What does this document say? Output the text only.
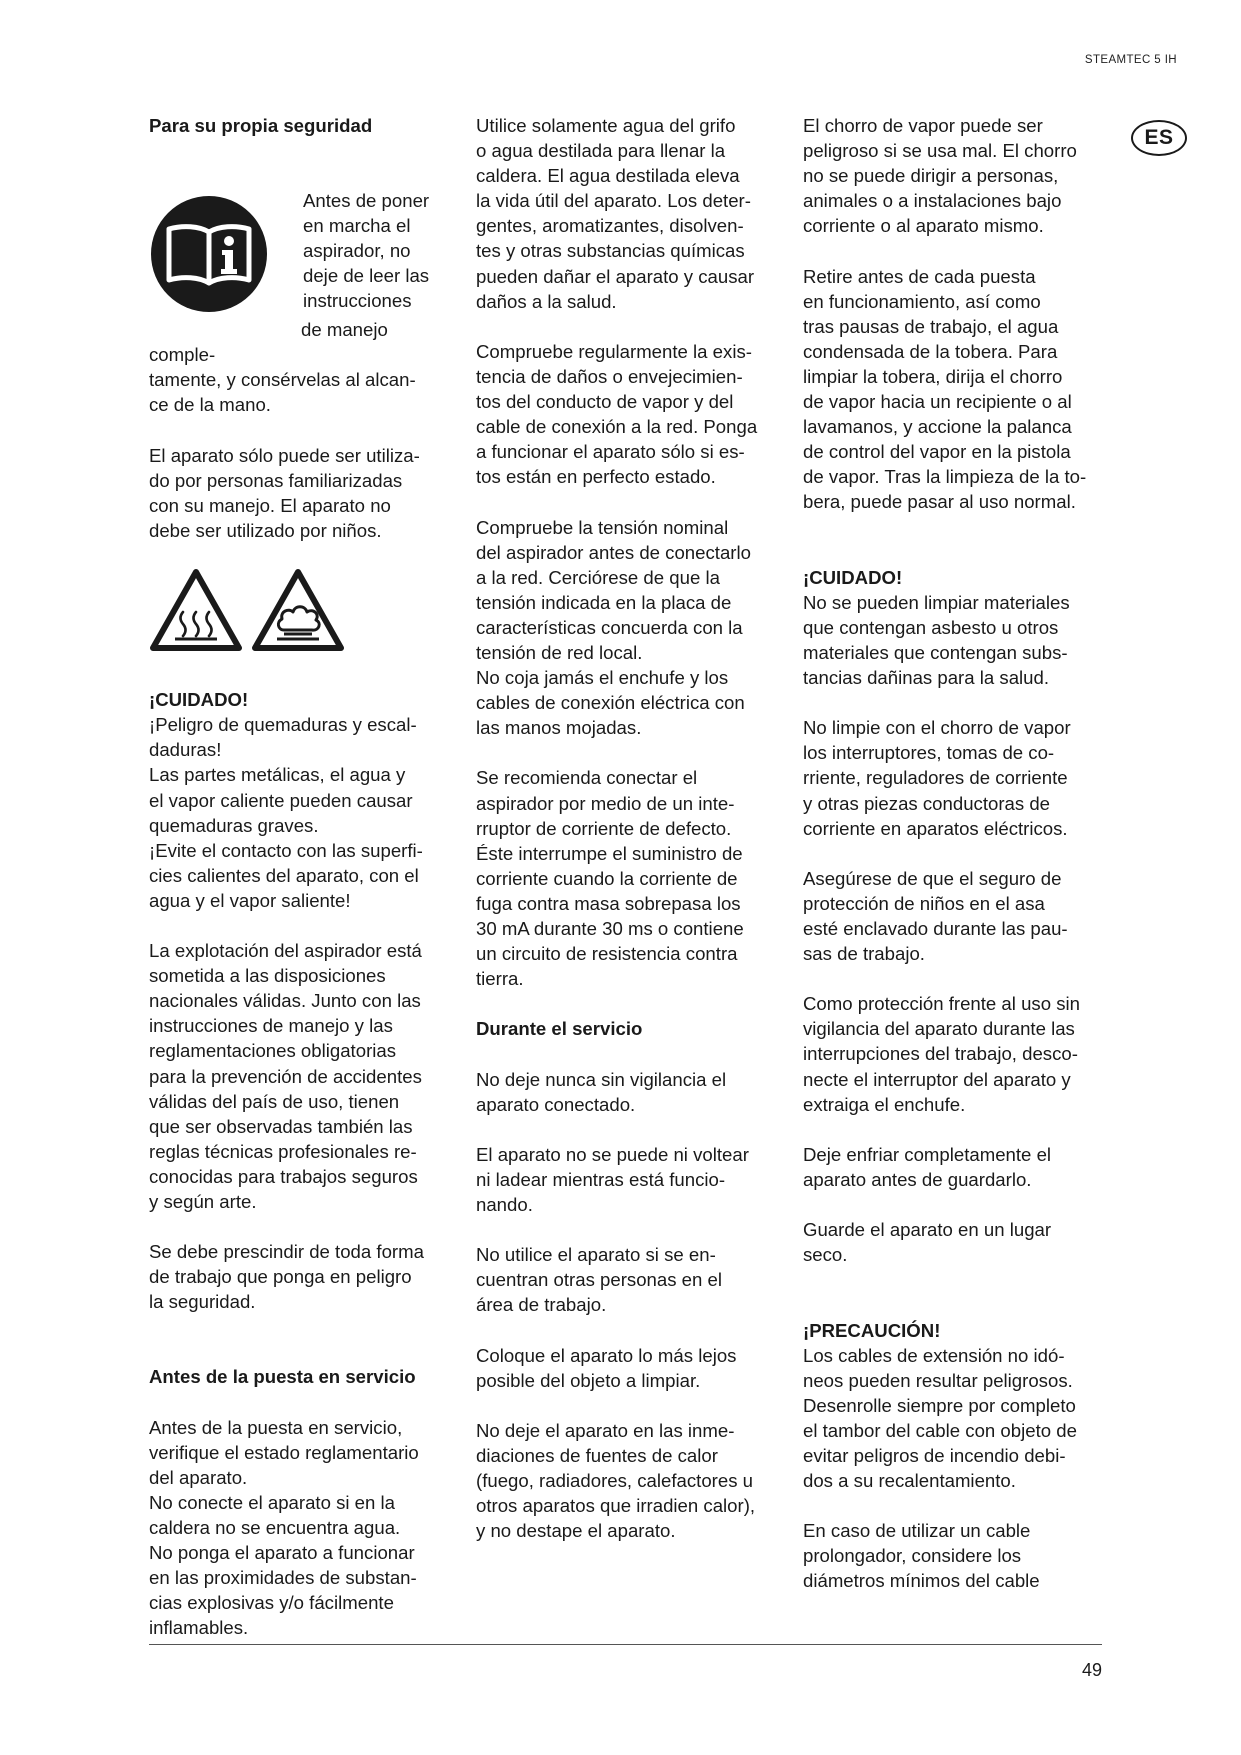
STEAMTEC 5 IH
ES
Para su propia seguridad

Antes de poner
en marcha el
aspirador, no
deje de leer las
instrucciones

de manejo comple-
tamente, y consérvelas al alcan-
ce de la mano.

El aparato sólo puede ser utiliza-
do por personas familiarizadas
con su manejo. El aparato no
debe ser utilizado por niños.

¡CUIDADO!
¡Peligro de quemaduras y escal-
daduras!
Las partes metálicas, el agua y
el vapor caliente pueden causar
quemaduras graves.
¡Evite el contacto con las superfi-
cies calientes del aparato, con el
agua y el vapor saliente!

La explotación del aspirador está
sometida a las disposiciones
nacionales válidas. Junto con las
instrucciones de manejo y las
reglamentaciones obligatorias
para la prevención de accidentes
válidas del país de uso, tienen
que ser observadas también las
reglas técnicas profesionales re-
conocidas para trabajos seguros
y según arte.

Se debe prescindir de toda forma
de trabajo que ponga en peligro
la seguridad.

Antes de la puesta en servicio

Antes de la puesta en servicio,
verifique el estado reglamentario
del aparato.
No conecte el aparato si en la
caldera no se encuentra agua.
No ponga el aparato a funcionar
en las proximidades de substan-
cias explosivas y/o fácilmente
inflamables.

Utilice solamente agua del grifo
o agua destilada para llenar la
caldera. El agua destilada eleva
la vida útil del aparato. Los deter-
gentes, aromatizantes, disolven-
tes y otras substancias químicas
pueden dañar el aparato y causar
daños a la salud.

Compruebe regularmente la exis-
tencia de daños o envejecimien-
tos del conducto de vapor y del
cable de conexión a la red. Ponga
a funcionar el aparato sólo si es-
tos están en perfecto estado.

Compruebe la tensión nominal
del aspirador antes de conectarlo
a la red. Cerciórese de que la
tensión indicada en la placa de
características concuerda con la
tensión de red local.
No coja jamás el enchufe y los
cables de conexión eléctrica con
las manos mojadas.

Se recomienda conectar el
aspirador por medio de un inte-
rruptor de corriente de defecto.
Éste interrumpe el suministro de
corriente cuando la corriente de
fuga contra masa sobrepasa los
30 mA durante 30 ms o contiene
un circuito de resistencia contra
tierra.

Durante el servicio

No deje nunca sin vigilancia el
aparato conectado.

El aparato no se puede ni voltear
ni ladear mientras está funcio-
nando.

No utilice el aparato si se en-
cuentran otras personas en el
área de trabajo.

Coloque el aparato lo más lejos
posible del objeto a limpiar.

No deje el aparato en las inme-
diaciones de fuentes de calor
(fuego, radiadores, calefactores u
otros aparatos que irradien calor),
y no destape el aparato.

El chorro de vapor puede ser
peligroso si se usa mal. El chorro
no se puede dirigir a personas,
animales o a instalaciones bajo
corriente o al aparato mismo.

Retire antes de cada puesta
en funcionamiento, así como
tras pausas de trabajo, el agua
condensada de la tobera. Para
limpiar la tobera, dirija el chorro
de vapor hacia un recipiente o al
lavamanos, y accione la palanca
de control del vapor en la pistola
de vapor. Tras la limpieza de la to-
bera, puede pasar al uso normal.

¡CUIDADO!
No se pueden limpiar materiales
que contengan asbesto u otros
materiales que contengan subs-
tancias dañinas para la salud.

No limpie con el chorro de vapor
los interruptores, tomas de co-
rriente, reguladores de corriente
y otras piezas conductoras de
corriente en aparatos eléctricos.

Asegúrese de que el seguro de
protección de niños en el asa
esté enclavado durante las pau-
sas de trabajo.

Como protección frente al uso sin
vigilancia del aparato durante las
interrupciones del trabajo, desco-
necte el interruptor del aparato y
extraiga el enchufe.

Deje enfriar completamente el
aparato antes de guardarlo.

Guarde el aparato en un lugar
seco.

¡PRECAUCIÓN!
Los cables de extensión no idó-
neos pueden resultar peligrosos.
Desenrolle siempre por completo
el tambor del cable con objeto de
evitar peligros de incendio debi-
dos a su recalentamiento.

En caso de utilizar un cable
prolongador, considere los
diámetros mínimos del cable

49
